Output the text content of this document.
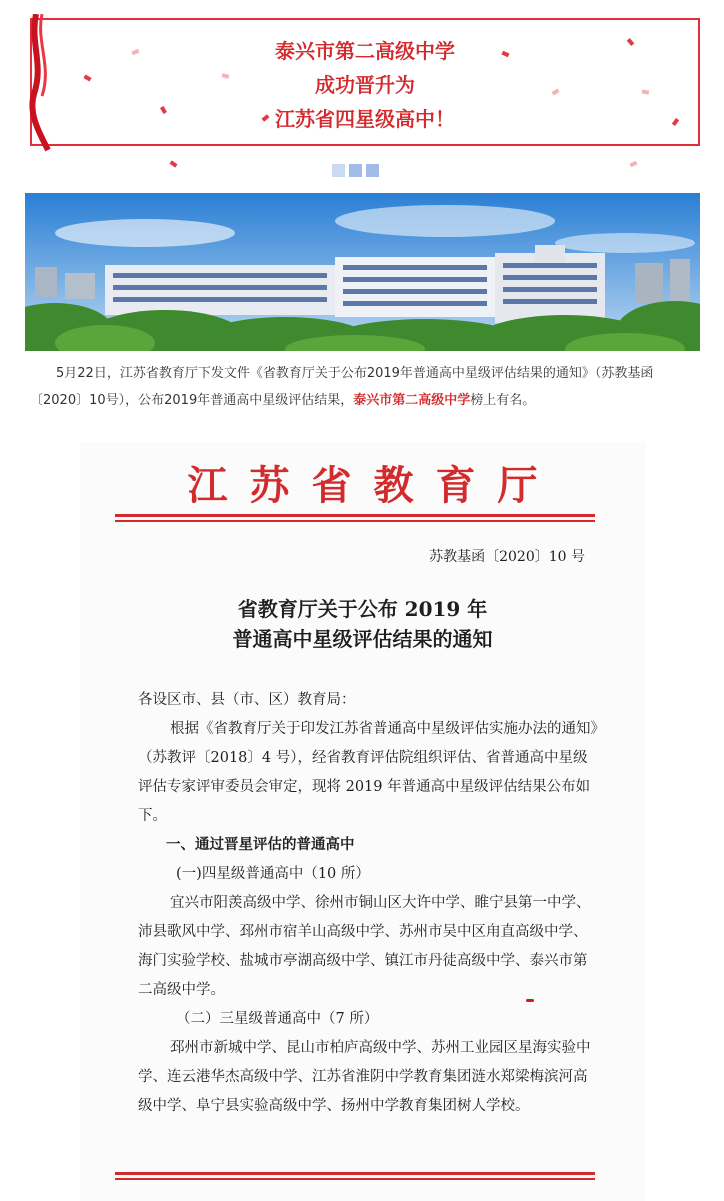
泰兴市第二高级中学
成功晋升为
江苏省四星级高中！
5月22日，江苏省教育厅下发文件《省教育厅关于公布2019年普通高中星级评估结果的通知》（苏教基函〔2020〕10号），公布2019年普通高中星级评估结果，泰兴市第二高级中学榜上有名。
江苏省教育厅
苏教基函〔2020〕10 号
省教育厅关于公布 2019 年
普通高中星级评估结果的通知

各设区市、县（市、区）教育局：

根据《省教育厅关于印发江苏省普通高中星级评估实施办法的通知》（苏教评〔2018〕4 号），经省教育评估院组织评估、省普通高中星级评估专家评审委员会审定，现将 2019 年普通高中星级评估结果公布如下。

一、通过晋星评估的普通高中

(一)四星级普通高中（10 所）

宜兴市阳羡高级中学、徐州市铜山区大许中学、睢宁县第一中学、沛县歌风中学、邳州市宿羊山高级中学、苏州市吴中区甪直高级中学、海门实验学校、盐城市亭湖高级中学、镇江市丹徒高级中学、泰兴市第二高级中学。

（二）三星级普通高中（7 所）

邳州市新城中学、昆山市柏庐高级中学、苏州工业园区星海实验中学、连云港华杰高级中学、江苏省淮阴中学教育集团涟水郑梁梅滨河高级中学、阜宁县实验高级中学、扬州中学教育集团树人学校。
